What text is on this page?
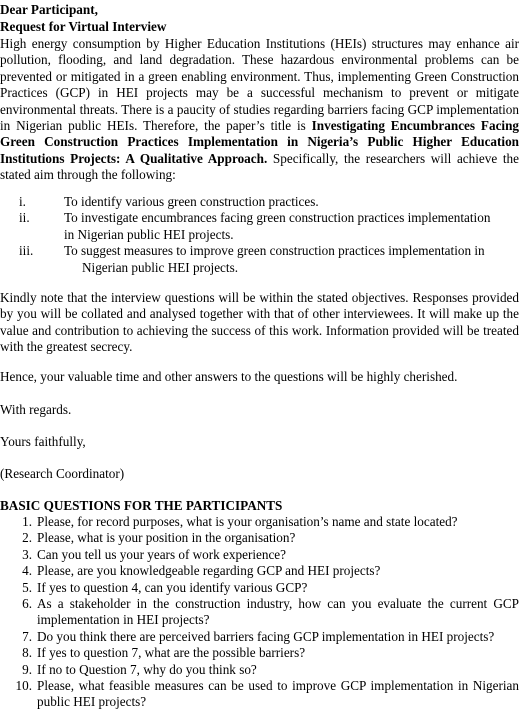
Dear Participant,

Request for Virtual Interview

High energy consumption by Higher Education Institutions (HEIs) structures may enhance air pollution, flooding, and land degradation. These hazardous environmental problems can be prevented or mitigated in a green enabling environment. Thus, implementing Green Construction Practices (GCP) in HEI projects may be a successful mechanism to prevent or mitigate environmental threats. There is a paucity of studies regarding barriers facing GCP implementation in Nigerian public HEIs. Therefore, the paper’s title is Investigating Encumbrances Facing Green Construction Practices Implementation in Nigeria’s Public Higher Education Institutions Projects: A Qualitative Approach. Specifically, the researchers will achieve the stated aim through the following:

i.	To identify various green construction practices.
ii.	To investigate encumbrances facing green construction practices implementation
in Nigerian public HEI projects.
iii. To suggest measures to improve green construction practices implementation in
Nigerian public HEI projects.

Kindly note that the interview questions will be within the stated objectives. Responses provided by you will be collated and analysed together with that of other interviewees. It will make up the value and contribution to achieving the success of this work. Information provided will be treated with the greatest secrecy.

Hence, your valuable time and other answers to the questions will be highly cherished.

With regards.

Yours faithfully,

(Research Coordinator)

BASIC QUESTIONS FOR THE PARTICIPANTS

1. Please, for record purposes, what is your organisation’s name and state located?
2. Please, what is your position in the organisation?
3. Can you tell us your years of work experience?
4. Please, are you knowledgeable regarding GCP and HEI projects?
5. If yes to question 4, can you identify various GCP?
6. As a stakeholder in the construction industry, how can you evaluate the current GCP implementation in HEI projects?
7. Do you think there are perceived barriers facing GCP implementation in HEI projects?
8. If yes to question 7, what are the possible barriers?
9. If no to Question 7, why do you think so?
10. Please, what feasible measures can be used to improve GCP implementation in Nigerian public HEI projects?
